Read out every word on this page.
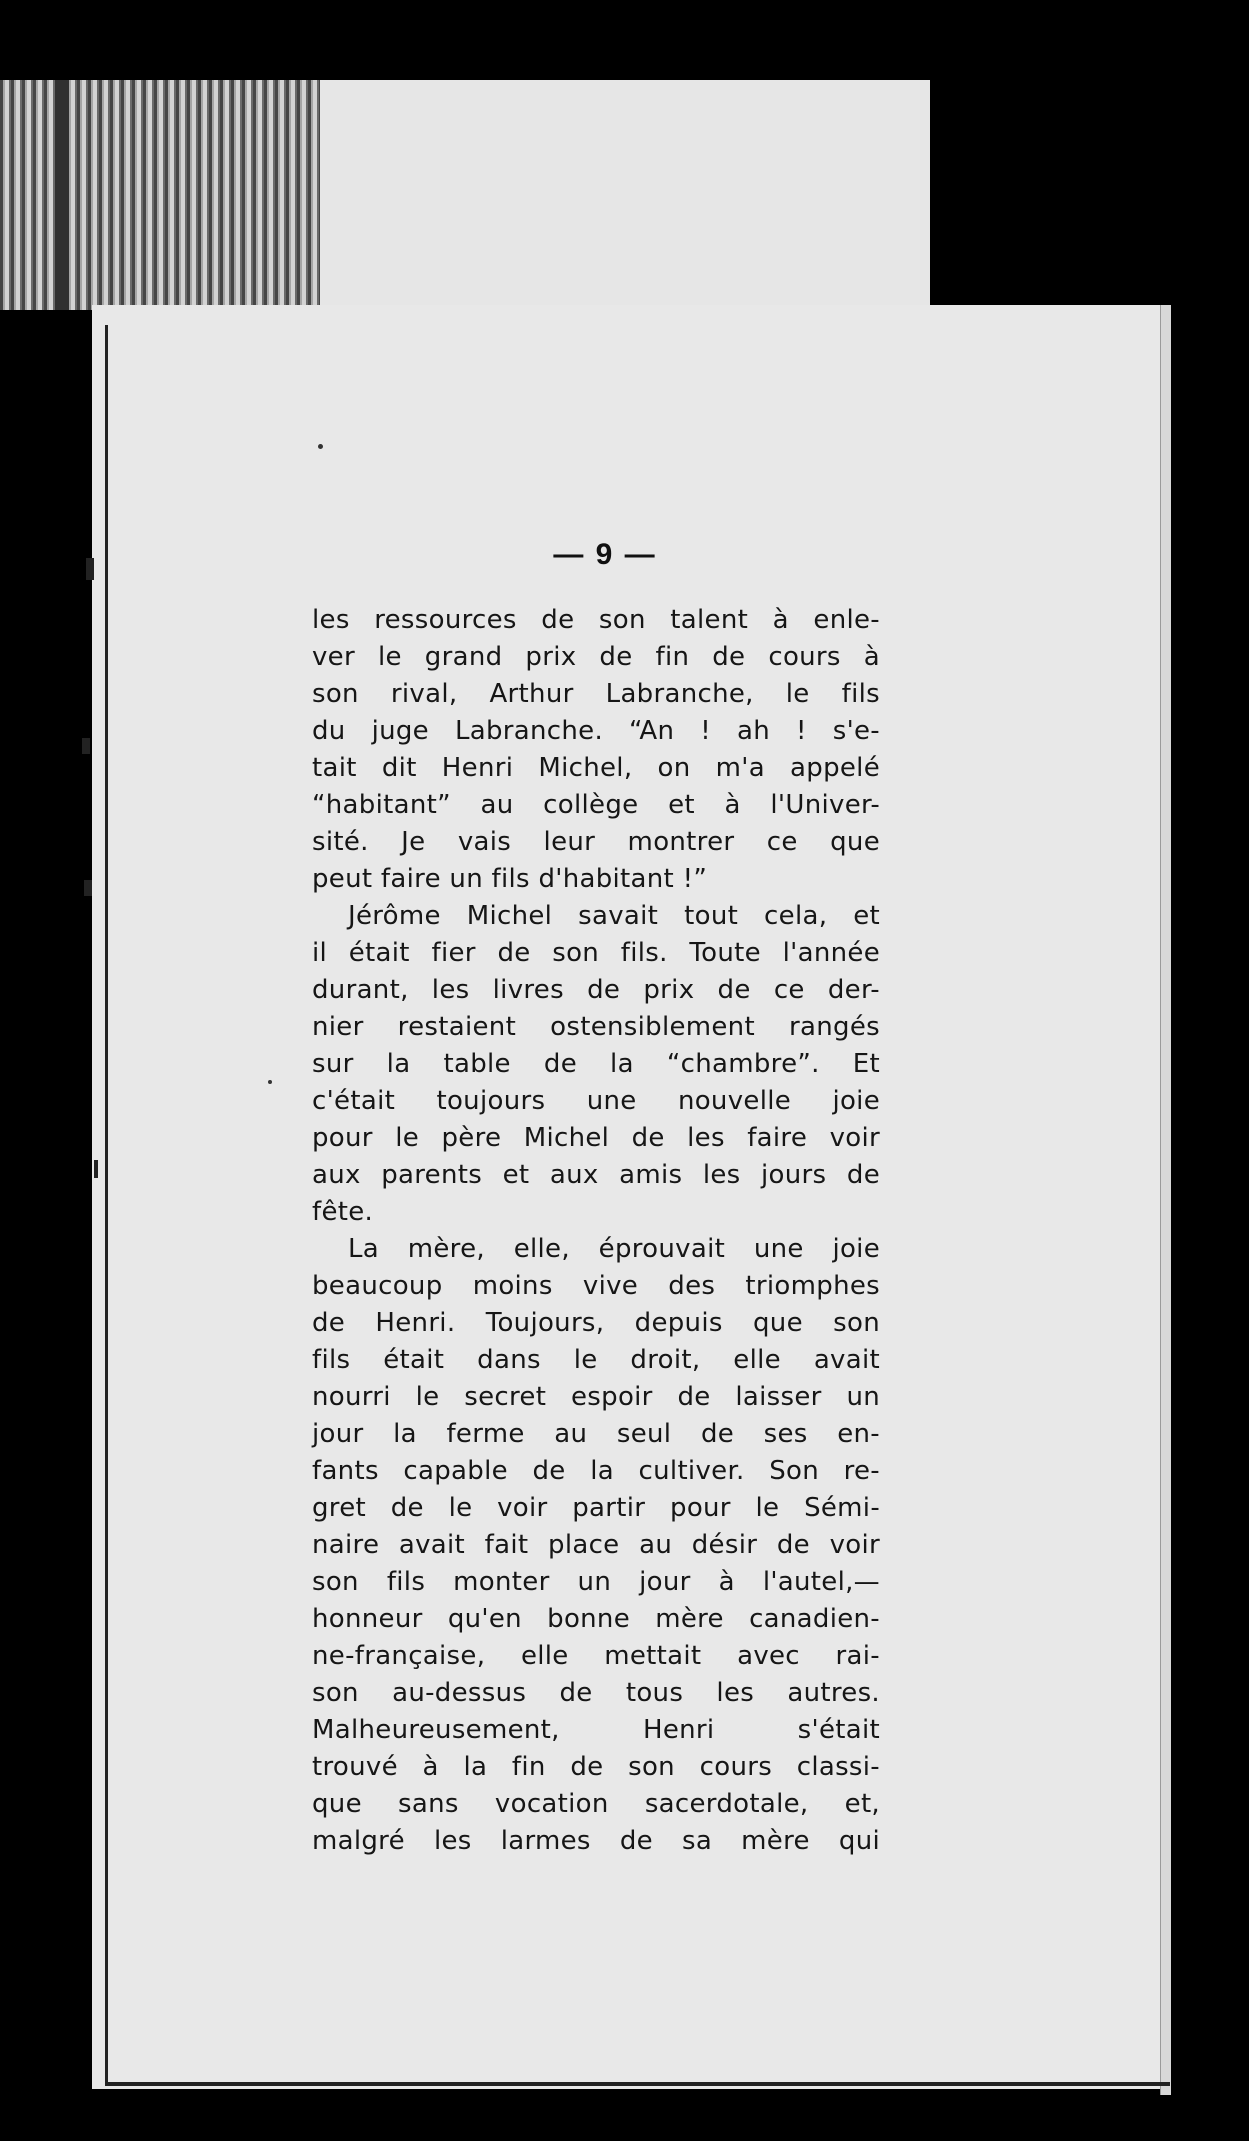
— 9 —
les ressources de son talent à enle-
ver le grand prix de fin de cours à
son rival, Arthur Labranche, le fils
du juge Labranche. “An ! ah ! s'e-
tait dit Henri Michel, on m'a appelé
“habitant” au collège et à l'Univer-
sité. Je vais leur montrer ce que
peut faire un fils d'habitant !”
Jérôme Michel savait tout cela, et
il était fier de son fils. Toute l'année
durant, les livres de prix de ce der-
nier restaient ostensiblement rangés
sur la table de la “chambre”. Et
c'était toujours une nouvelle joie
pour le père Michel de les faire voir
aux parents et aux amis les jours de
fête.
La mère, elle, éprouvait une joie
beaucoup moins vive des triomphes
de Henri. Toujours, depuis que son
fils était dans le droit, elle avait
nourri le secret espoir de laisser un
jour la ferme au seul de ses en-
fants capable de la cultiver. Son re-
gret de le voir partir pour le Sémi-
naire avait fait place au désir de voir
son fils monter un jour à l'autel,—
honneur qu'en bonne mère canadien-
ne-française, elle mettait avec rai-
son au-dessus de tous les autres.
Malheureusement, Henri s'était
trouvé à la fin de son cours classi-
que sans vocation sacerdotale, et,
malgré les larmes de sa mère qui
